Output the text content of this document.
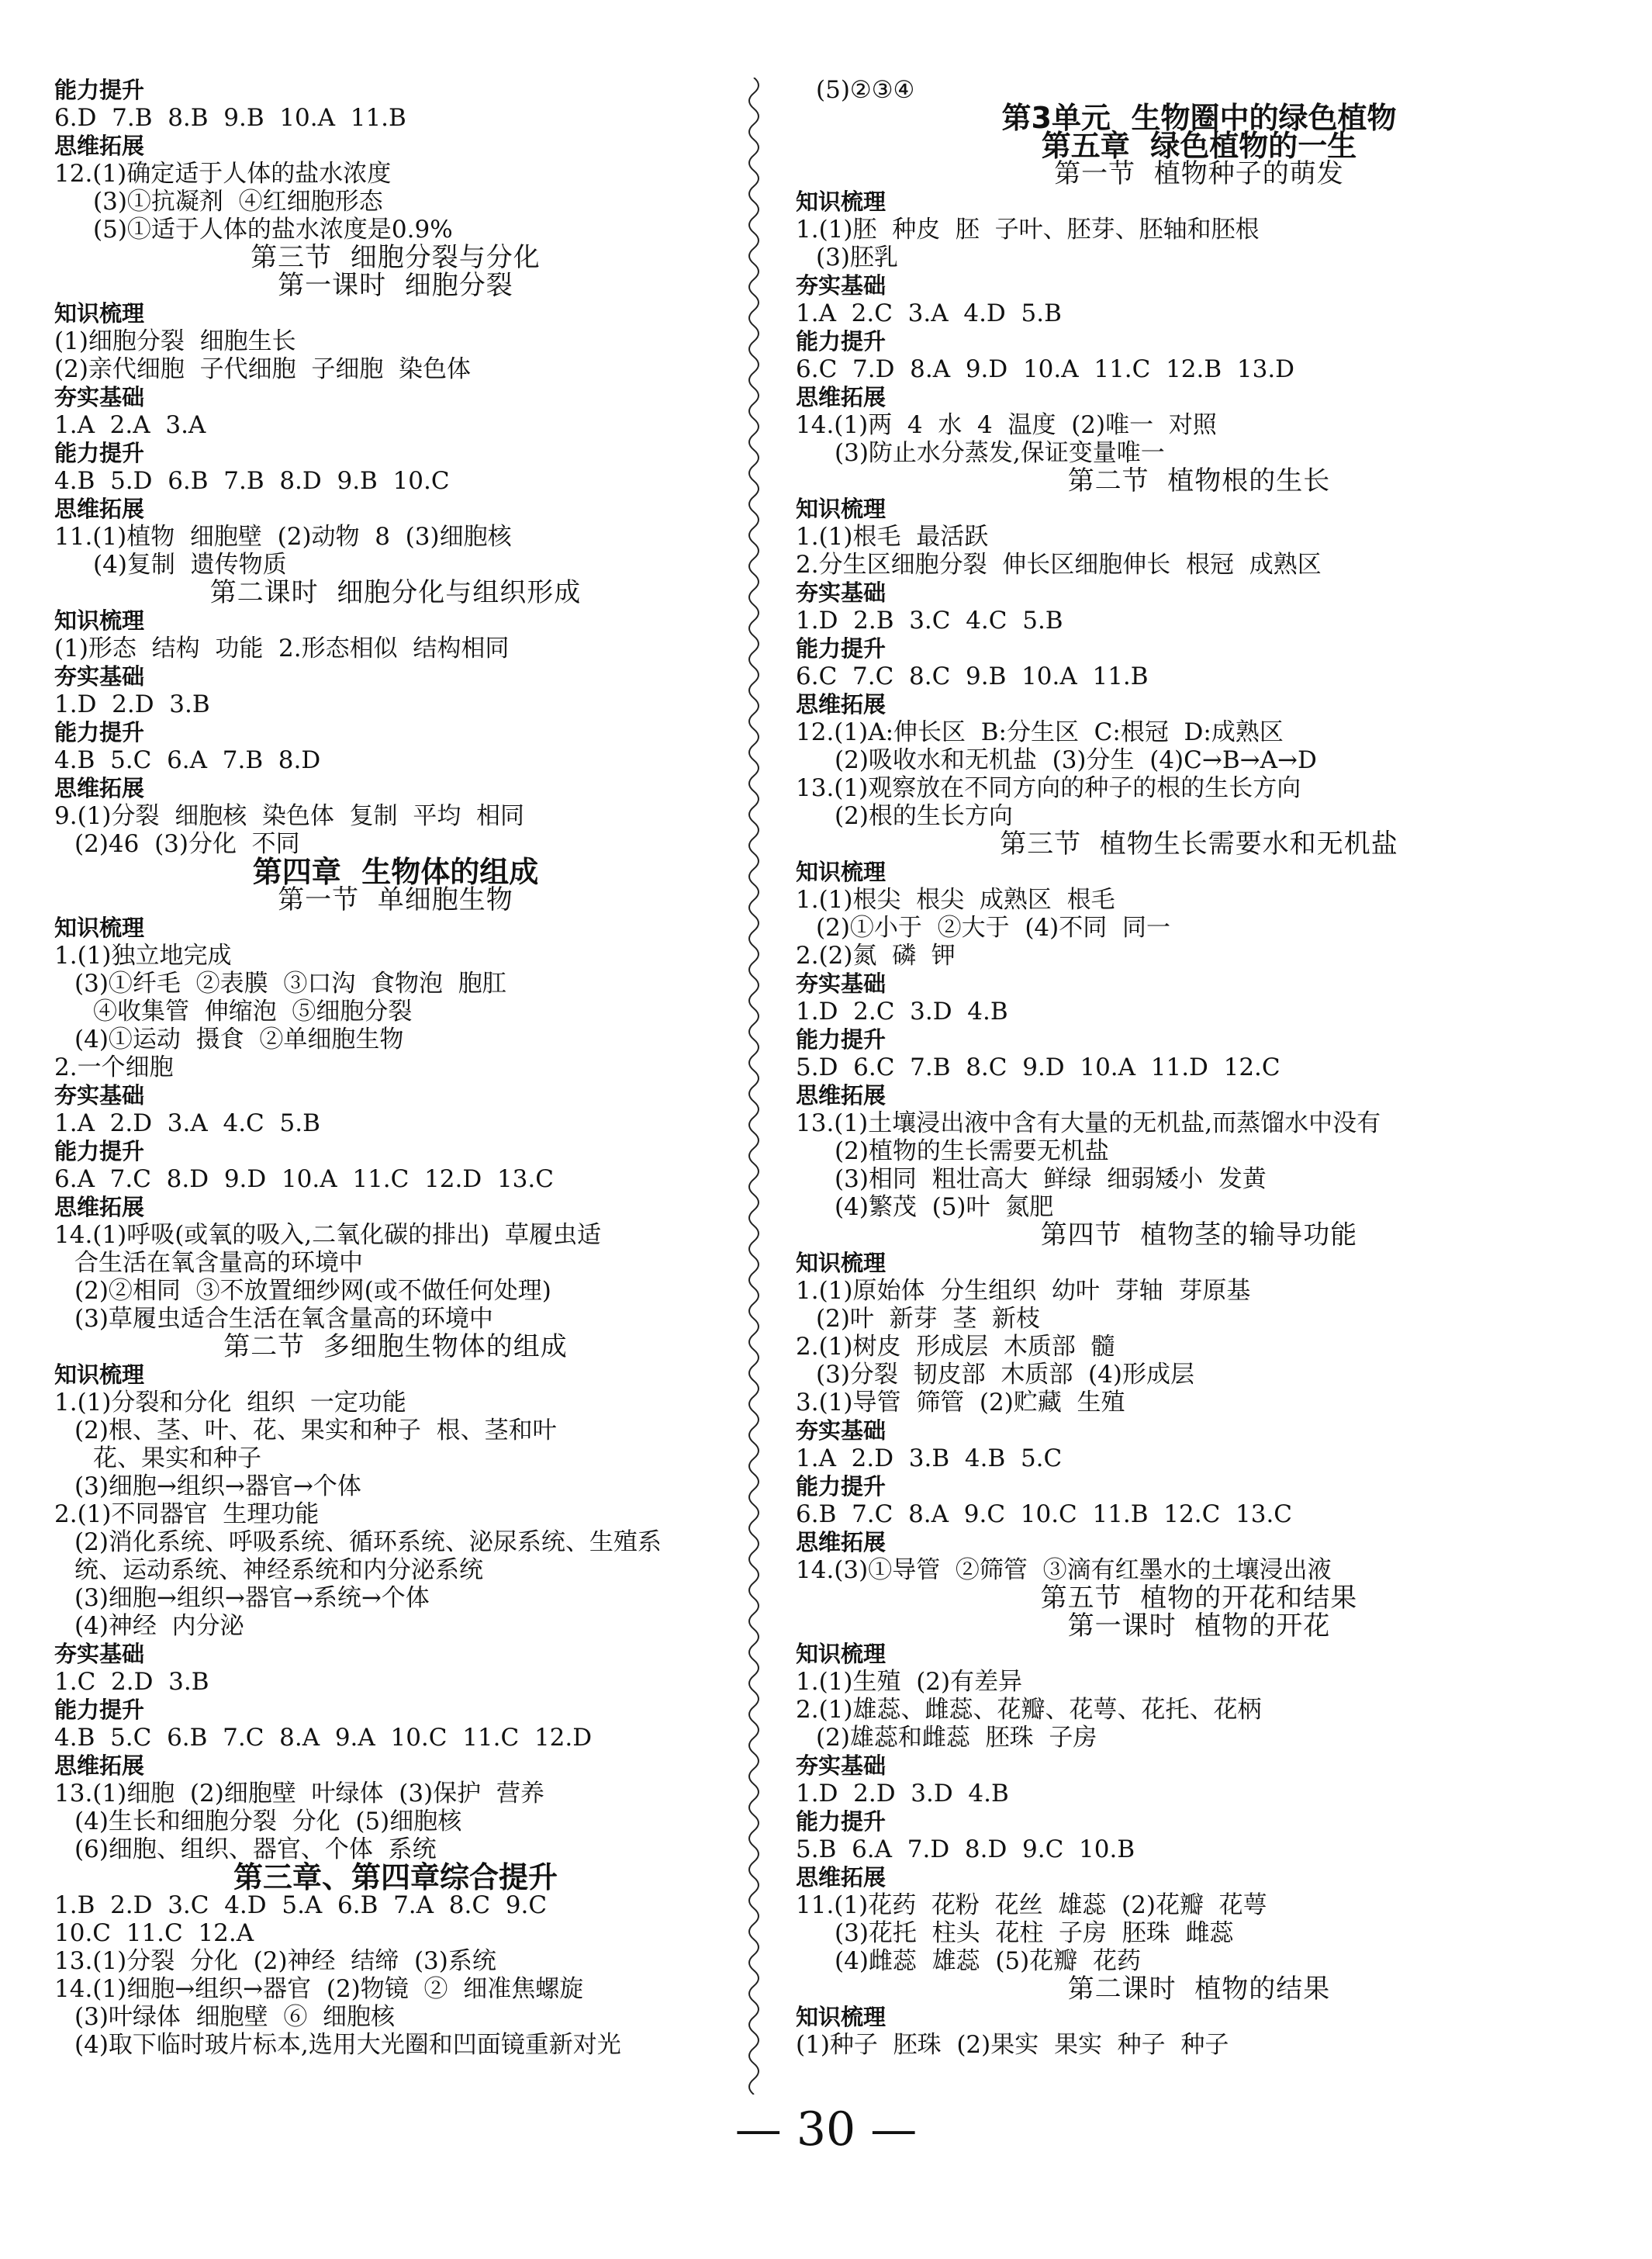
能力提升
6.D  7.B  8.B  9.B  10.A  11.B
思维拓展
12.(1)确定适于人体的盐水浓度
(3)①抗凝剂  ④红细胞形态
(5)①适于人体的盐水浓度是0.9%
第三节  细胞分裂与分化
第一课时  细胞分裂
知识梳理
(1)细胞分裂  细胞生长
(2)亲代细胞  子代细胞  子细胞  染色体
夯实基础
1.A  2.A  3.A
能力提升
4.B  5.D  6.B  7.B  8.D  9.B  10.C
思维拓展
11.(1)植物  细胞壁  (2)动物  8  (3)细胞核
(4)复制  遗传物质
第二课时  细胞分化与组织形成
知识梳理
(1)形态  结构  功能  2.形态相似  结构相同
夯实基础
1.D  2.D  3.B
能力提升
4.B  5.C  6.A  7.B  8.D
思维拓展
9.(1)分裂  细胞核  染色体  复制  平均  相同
(2)46  (3)分化  不同
第四章  生物体的组成
第一节  单细胞生物
知识梳理
1.(1)独立地完成
(3)①纤毛  ②表膜  ③口沟  食物泡  胞肛
④收集管  伸缩泡  ⑤细胞分裂
(4)①运动  摄食  ②单细胞生物
2.一个细胞
夯实基础
1.A  2.D  3.A  4.C  5.B
能力提升
6.A  7.C  8.D  9.D  10.A  11.C  12.D  13.C
思维拓展
14.(1)呼吸(或氧的吸入,二氧化碳的排出)  草履虫适
合生活在氧含量高的环境中
(2)②相同  ③不放置细纱网(或不做任何处理)
(3)草履虫适合生活在氧含量高的环境中
第二节  多细胞生物体的组成
知识梳理
1.(1)分裂和分化  组织  一定功能
(2)根、茎、叶、花、果实和种子  根、茎和叶
花、果实和种子
(3)细胞→组织→器官→个体
2.(1)不同器官  生理功能
(2)消化系统、呼吸系统、循环系统、泌尿系统、生殖系
统、运动系统、神经系统和内分泌系统
(3)细胞→组织→器官→系统→个体
(4)神经  内分泌
夯实基础
1.C  2.D  3.B
能力提升
4.B  5.C  6.B  7.C  8.A  9.A  10.C  11.C  12.D
思维拓展
13.(1)细胞  (2)细胞壁  叶绿体  (3)保护  营养
(4)生长和细胞分裂  分化  (5)细胞核
(6)细胞、组织、器官、个体  系统
第三章、第四章综合提升
1.B  2.D  3.C  4.D  5.A  6.B  7.A  8.C  9.C
10.C  11.C  12.A
13.(1)分裂  分化  (2)神经  结缔  (3)系统
14.(1)细胞→组织→器官  (2)物镜  ②  细准焦螺旋
(3)叶绿体  细胞壁  ⑥  细胞核
(4)取下临时玻片标本,选用大光圈和凹面镜重新对光
(5)②③④
第3单元  生物圈中的绿色植物
第五章  绿色植物的一生
第一节  植物种子的萌发
知识梳理
1.(1)胚  种皮  胚  子叶、胚芽、胚轴和胚根
(3)胚乳
夯实基础
1.A  2.C  3.A  4.D  5.B
能力提升
6.C  7.D  8.A  9.D  10.A  11.C  12.B  13.D
思维拓展
14.(1)两  4  水  4  温度  (2)唯一  对照
(3)防止水分蒸发,保证变量唯一
第二节  植物根的生长
知识梳理
1.(1)根毛  最活跃
2.分生区细胞分裂  伸长区细胞伸长  根冠  成熟区
夯实基础
1.D  2.B  3.C  4.C  5.B
能力提升
6.C  7.C  8.C  9.B  10.A  11.B
思维拓展
12.(1)A:伸长区  B:分生区  C:根冠  D:成熟区
(2)吸收水和无机盐  (3)分生  (4)C→B→A→D
13.(1)观察放在不同方向的种子的根的生长方向
(2)根的生长方向
第三节  植物生长需要水和无机盐
知识梳理
1.(1)根尖  根尖  成熟区  根毛
(2)①小于  ②大于  (4)不同  同一
2.(2)氮  磷  钾
夯实基础
1.D  2.C  3.D  4.B
能力提升
5.D  6.C  7.B  8.C  9.D  10.A  11.D  12.C
思维拓展
13.(1)土壤浸出液中含有大量的无机盐,而蒸馏水中没有
(2)植物的生长需要无机盐
(3)相同  粗壮高大  鲜绿  细弱矮小  发黄
(4)繁茂  (5)叶  氮肥
第四节  植物茎的输导功能
知识梳理
1.(1)原始体  分生组织  幼叶  芽轴  芽原基
(2)叶  新芽  茎  新枝
2.(1)树皮  形成层  木质部  髓
(3)分裂  韧皮部  木质部  (4)形成层
3.(1)导管  筛管  (2)贮藏  生殖
夯实基础
1.A  2.D  3.B  4.B  5.C
能力提升
6.B  7.C  8.A  9.C  10.C  11.B  12.C  13.C
思维拓展
14.(3)①导管  ②筛管  ③滴有红墨水的土壤浸出液
第五节  植物的开花和结果
第一课时  植物的开花
知识梳理
1.(1)生殖  (2)有差异
2.(1)雄蕊、雌蕊、花瓣、花萼、花托、花柄
(2)雄蕊和雌蕊  胚珠  子房
夯实基础
1.D  2.D  3.D  4.B
能力提升
5.B  6.A  7.D  8.D  9.C  10.B
思维拓展
11.(1)花药  花粉  花丝  雄蕊  (2)花瓣  花萼
(3)花托  柱头  花柱  子房  胚珠  雌蕊
(4)雌蕊  雄蕊  (5)花瓣  花药
第二课时  植物的结果
知识梳理
(1)种子  胚珠  (2)果实  果实  种子  种子
— 30 —
